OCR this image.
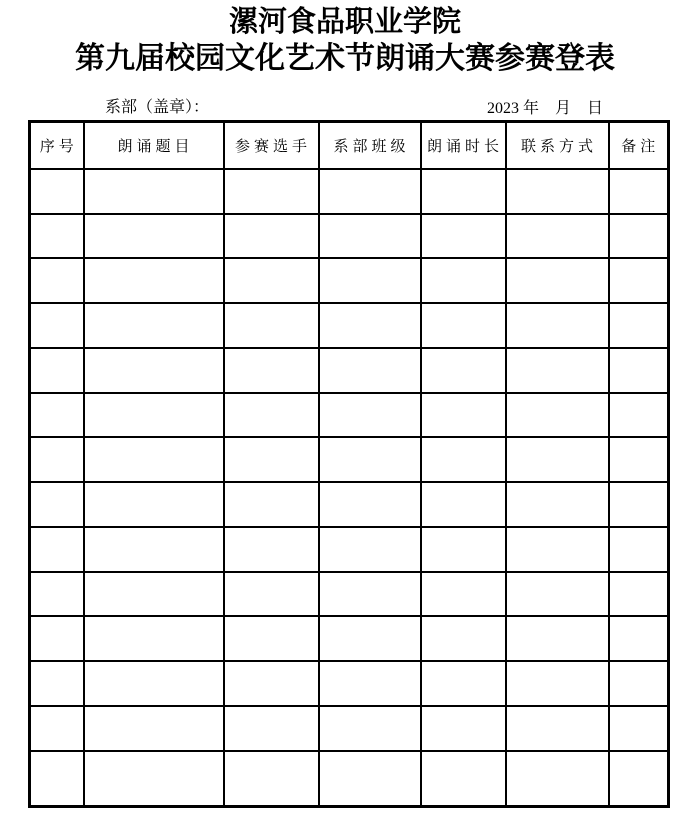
漯河食品职业学院
第九届校园文化艺术节朗诵大赛参赛登表
系部（盖章）：	2023 年　月　日
序号	朗诵题目	参赛选手	系部班级	朗诵时长	联系方式	备注
